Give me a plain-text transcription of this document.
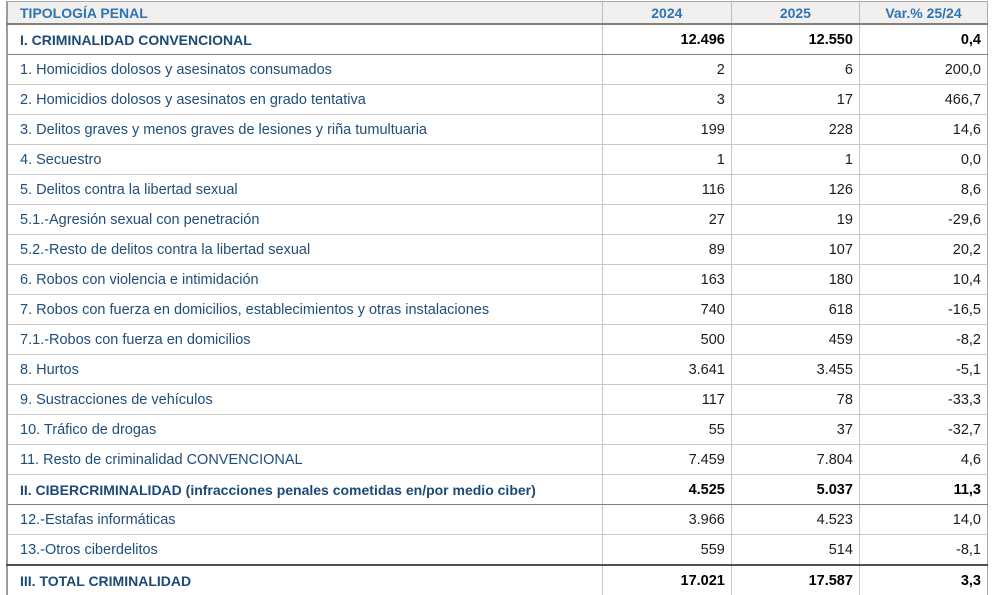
TIPOLOGÍA PENAL	2024	2025	Var.% 25/24
I. CRIMINALIDAD CONVENCIONAL	12.496	12.550	0,4
1. Homicidios dolosos y asesinatos consumados	2	6	200,0
2. Homicidios dolosos y asesinatos en grado tentativa	3	17	466,7
3. Delitos graves y menos graves de lesiones y riña tumultuaria	199	228	14,6
4. Secuestro	1	1	0,0
5. Delitos contra la libertad sexual	116	126	8,6
5.1.-Agresión sexual con penetración	27	19	-29,6
5.2.-Resto de delitos contra la libertad sexual	89	107	20,2
6. Robos con violencia e intimidación	163	180	10,4
7. Robos con fuerza en domicilios, establecimientos y otras instalaciones	740	618	-16,5
7.1.-Robos con fuerza en domicilios	500	459	-8,2
8. Hurtos	3.641	3.455	-5,1
9. Sustracciones de vehículos	117	78	-33,3
10. Tráfico de drogas	55	37	-32,7
11. Resto de criminalidad CONVENCIONAL	7.459	7.804	4,6
II. CIBERCRIMINALIDAD (infracciones penales cometidas en/por medio ciber)	4.525	5.037	11,3
12.-Estafas informáticas	3.966	4.523	14,0
13.-Otros ciberdelitos	559	514	-8,1
III. TOTAL CRIMINALIDAD	17.021	17.587	3,3
